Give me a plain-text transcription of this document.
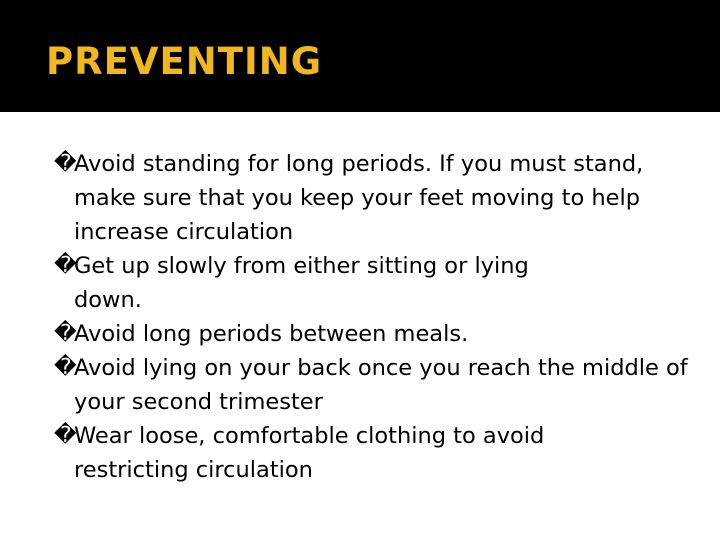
PREVENTING
�
Avoid standing for long periods. If you must stand, make sure that you keep your feet moving to help increase circulation
�
Get up slowly from either sitting or lying down.
�
Avoid long periods between meals.
�
Avoid lying on your back once you reach the middle of your second trimester
�
Wear loose, comfortable clothing to avoid restricting circulation
